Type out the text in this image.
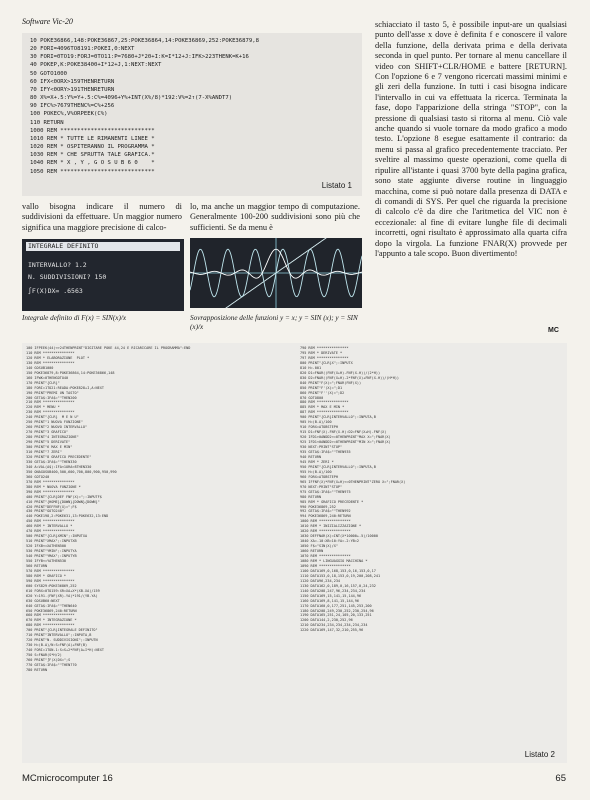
Software Vic-20
10 POKE36866,148:POKE36867,25:POKE36864,14:POKE36869,252:POKE36879,8
20 FORI=4096TO8191:POKEI,0:NEXT
30 FORI=0TO19:FORJ=0TO11:P=7680+J*20+I:K=I*12+J:IFK>223THENK=K+16
40 POKEP,K:POKE38400+I*12+J,1:NEXT:NEXT
50 GOTO1000
60 IFX<0ORX>159THENRETURN
70 IFY<0ORY>191THENRETURN
80 X%=X+.5:Y%=Y+.5:C%=4096+Y%+INT(X%/8)*192:V%=2↑(7-X%ANDT7)
90 IFC%>7679THENC%=C%+256
100 POKEC%,V%ORPEEK(C%)
110 RETURN
1000 REM ****************************
1010 REM * TUTTE LE RIMANENTI LINEE *
1020 REM * OSPITERANNO IL PROGRAMMA *
1030 REM * CHE SFRUTTA TALE GRAFICA.*
1040 REM * X , Y , G O S U B 6 0    *
1050 REM ****************************
Listato 1
vallo bisogna indicare il numero di suddivisioni da effettuare. Un maggior numero significa una maggiore precisione di calco-
lo, ma anche un maggior tempo di computazione. Generalmente 100-200 suddivisioni sono più che sufficienti. Se da menu è

schiacciato il tasto 5, è possibile input-are un qualsiasi punto dell'asse x dove è definita f e conoscere il valore della funzione, della derivata prima e della derivata seconda in quel punto. Per tornare al menu cancellare il video con SHIFT+CLR/HOME e battere [RETURN]. Con l'opzione 6 e 7 vengono ricercati massimi minimi e gli zeri della funzione. In tutti i casi bisogna indicare l'intervallo in cui va effettuata la ricerca. Terminata la fase, dopo l'apparizione della stringa "STOP", con la pressione di qualsiasi tasto si ritorna al menu. Ciò vale anche quando si vuole tornare da modo grafico a modo testo. L'opzione 8 esegue esattamente il contrario: da menu si passa al grafico precedentemente tracciato. Per sveltire al massimo queste operazioni, come quella di ripulire all'istante i quasi 3700 byte della pagina grafica, sono state aggiunte diverse routine in linguaggio macchina, come si può notare dalla presenza di DATA e di comandi di SYS. Per quel che riguarda la precisione di calcolo c'è da dire che l'aritmetica del VIC non è eccezionale: al fine di evitare lunghe file di decimali incorretti, ogni risultato è approssimato alla quarta cifra dopo la virgola. La funzione FNAR(X) provvede per l'appunto a tale scopo. Buon divertimento!

INTEGRALE DEFINITO
INTERVALLO? 1.2
N. SUDDIVISIONI? 150
∫F(X)DX= .6563
Integrale definito di F(x) = SIN(x)/x	Sovrapposizione delle funzioni y = x; y = SIN (x); y = SIN (x)/x	MC
100 IFPEEK(44)<>24THENPRINT"DIGITARE POKE 44,24 E RICARICARE IL PROGRAMMA":END
110 REM ***************
120 REM * ELABORAZIONE  PLOT *
130 REM ***************
140 GOSUB1000
150 POKE36879,8:POKE36864,14:POKE36866,148
160 IFWK=0THENGOTO40
170 PRINT"{CLR}"
180 FORI=1TO21:READA:POKE828+I,A:NEXT
190 PRINT"PREMI UN TASTO"
200 GETA$:IFA$=""THEN200
210 REM ***************
220 REM * MENU *
230 REM ***************
240 PRINT"{CLR}  M E N U"
250 PRINT"1 NUOVA FUNZIONE"
260 PRINT"2 NUOVO INTERVALLO"
270 PRINT"3 GRAFICO"
280 PRINT"4 INTEGRAZIONE"
290 PRINT"5 DERIVATE"
300 PRINT"6 MAX E MIN"
310 PRINT"7 ZERI"
320 PRINT"8 GRAFICO PRECEDENTE"
330 GETA$:IFA$=""THEN330
340 A=VAL(A$):IFA<1ORA>8THEN330
350 ONAGOSUB400,500,600,700,800,900,950,990
360 GOTO240
370 REM ***************
380 REM * NUOVA FUNZIONE *
390 REM ***************
400 PRINT"{CLR}DEF FNF(X)=";:INPUTF$
410 PRINT"{HOME}{DOWN}{DOWN}{DOWN}"
420 PRINT"DEFFNF(X)=";F$
430 PRINT"GOTO240"
440 POKE198,2:POKE631,13:POKE632,13:END
450 REM ***************
460 REM * INTERVALLO *
470 REM ***************
500 PRINT"{CLR}XMIN";:INPUTXA
510 PRINT"XMAX";:INPUTXB
520 IFXB<=XATHEN500
530 PRINT"YMIN";:INPUTYA
540 PRINT"YMAX";:INPUTYB
550 IFYB<=YATHEN530
560 RETURN
570 REM ***************
580 REM * GRAFICO *
590 REM ***************
600 SYS829:POKE36869,252
610 FORX=0TO159:XR=XA+X*(XB-XA)/159
620 Y=191-(FNF(XR)-YA)*191/(YB-YA)
630 GOSUB60:NEXT
640 GETA$:IFA$=""THEN640
650 POKE36869,240:RETURN
660 REM ***************
670 REM * INTEGRAZIONE *
680 REM ***************
700 PRINT"{CLR}INTEGRALE DEFINITO"
710 PRINT"INTERVALLO";:INPUTA,B
720 PRINT"N. SUDDIVISIONI";:INPUTN
730 H=(B-A)/N:S=FNF(A)+FNF(B)
740 FORI=1TON-1:S=S+2*FNF(A+I*H):NEXT
750 S=FNAR(S*H/2)
760 PRINT"∫F(X)DX=";S
770 GETA$:IFA$=""THEN770
780 RETURN
790 REM ***************
795 REM * DERIVATE *
797 REM ***************
800 PRINT"{CLR}X";:INPUTX
810 H=.001
820 D1=FNAR((FNF(X+H)-FNF(X-H))/(2*H))
830 D2=FNAR((FNF(X+H)-2*FNF(X)+FNF(X-H))/(H*H))
840 PRINT"F(X)=";FNAR(FNF(X))
850 PRINT"F'(X)=";D1
860 PRINT"F''(X)=";D2
870 GOTO800
880 REM ***************
885 REM * MAX E MIN *
887 REM ***************
900 PRINT"{CLR}INTERVALLO";:INPUTA,B
905 H=(B-A)/100
910 FORX=ATOBSTEPH
915 D1=FNF(X)-FNF(X-H):D2=FNF(X+H)-FNF(X)
920 IFD1>0ANDD2<=0THENPRINT"MAX X=";FNAR(X)
925 IFD1<0ANDD2>=0THENPRINT"MIN X=";FNAR(X)
930 NEXT:PRINT"STOP"
935 GETA$:IFA$=""THEN935
940 RETURN
945 REM * ZERI *
950 PRINT"{CLR}INTERVALLO";:INPUTA,B
955 H=(B-A)/100
960 FORX=ATOBSTEPH
965 IFFNF(X)*FNF(X+H)<=0THENPRINT"ZERO X=";FNAR(X)
970 NEXT:PRINT"STOP"
975 GETA$:IFA$=""THEN975
980 RETURN
985 REM * GRAFICO PRECEDENTE *
990 POKE36869,252
992 GETA$:IFA$=""THEN992
994 POKE36869,240:RETURN
1000 REM ***************
1010 REM * INIZIALIZZAZIONE *
1020 REM ***************
1030 DEFFNAR(X)=INT(X*10000+.5)/10000
1040 XA=-10:XB=10:YA=-2:YB=2
1050 F$="SIN(X)/X"
1060 RETURN
1070 REM ***************
1080 REM * LINGUAGGIO MACCHINA *
1090 REM ***************
1100 DATA169,0,168,153,0,16,153,0,17
1110 DATA153,0,18,153,0,19,200,208,241
1120 DATA96,234,234
1130 DATA162,0,189,0,16,157,0,24,232
1140 DATA208,247,96,234,234,234
1150 DATA169,15,141,15,144,96
1160 DATA169,8,141,15,144,96
1170 DATA160,0,177,251,145,253,200
1180 DATA208,249,230,252,230,254,96
1190 DATA165,251,24,105,20,133,251
1200 DATA144,2,230,252,96
1210 DATA234,234,234,234,234,234
1220 DATA169,147,32,210,255,96
Listato 2
MCmicrocomputer 16	65
